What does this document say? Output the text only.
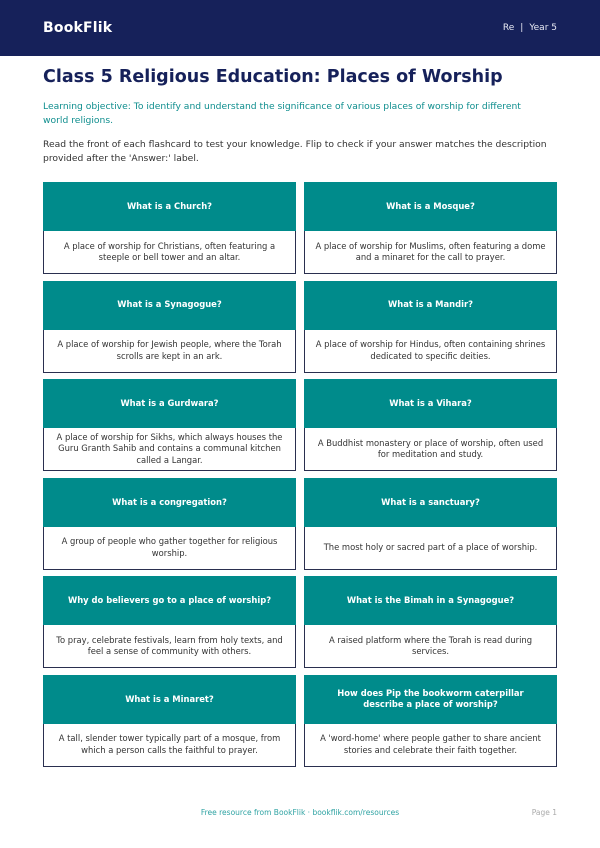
BookFlik	Re | Year 5
Class 5 Religious Education: Places of Worship

Learning objective: To identify and understand the significance of various places of worship for different world religions.

Read the front of each flashcard to test your knowledge. Flip to check if your answer matches the description provided after the 'Answer:' label.

What is a Church?
A place of worship for Christians, often featuring a steeple or bell tower and an altar.
What is a Mosque?
A place of worship for Muslims, often featuring a dome and a minaret for the call to prayer.
What is a Synagogue?
A place of worship for Jewish people, where the Torah scrolls are kept in an ark.
What is a Mandir?
A place of worship for Hindus, often containing shrines dedicated to specific deities.
What is a Gurdwara?
A place of worship for Sikhs, which always houses the Guru Granth Sahib and contains a communal kitchen called a Langar.
What is a Vihara?
A Buddhist monastery or place of worship, often used for meditation and study.
What is a congregation?
A group of people who gather together for religious worship.
What is a sanctuary?
The most holy or sacred part of a place of worship.
Why do believers go to a place of worship?
To pray, celebrate festivals, learn from holy texts, and feel a sense of community with others.
What is the Bimah in a Synagogue?
A raised platform where the Torah is read during services.
What is a Minaret?
A tall, slender tower typically part of a mosque, from which a person calls the faithful to prayer.
How does Pip the bookworm caterpillar describe a place of worship?
A 'word-home' where people gather to share ancient stories and celebrate their faith together.
Free resource from BookFlik · bookflik.com/resources	Page 1
